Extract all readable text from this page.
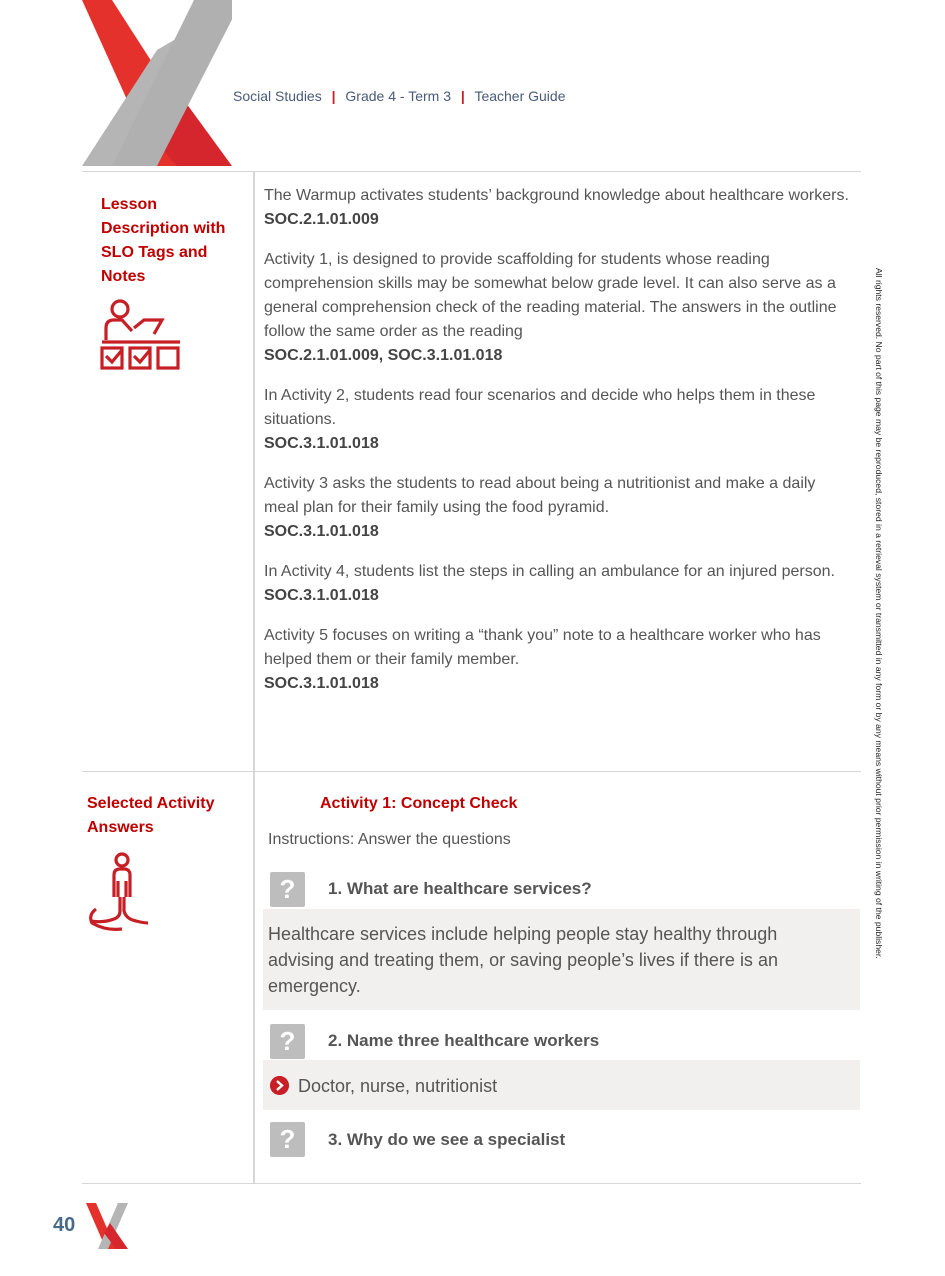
Social Studies | Grade 4 - Term 3 | Teacher Guide
Lesson
Description with
SLO Tags and
Notes
The Warmup activates students’ background knowledge about healthcare workers.
SOC.2.1.01.009
Activity 1, is designed to provide scaffolding for students whose reading comprehension skills may be somewhat below grade level. It can also serve as a general comprehension check of the reading material. The answers in the outline follow the same order as the reading
SOC.2.1.01.009, SOC.3.1.01.018
In Activity 2, students read four scenarios and decide who helps them in these situations.
SOC.3.1.01.018
Activity 3 asks the students to read about being a nutritionist and make a daily meal plan for their family using the food pyramid.
SOC.3.1.01.018
In Activity 4, students list the steps in calling an ambulance for an injured person.
SOC.3.1.01.018
Activity 5 focuses on writing a “thank you” note to a healthcare worker who has helped them or their family member.
SOC.3.1.01.018
Selected Activity
Answers
Activity 1: Concept Check
Instructions: Answer the questions
?	1. What are healthcare services?
Healthcare services include helping people stay healthy through advising and treating them, or saving people’s lives if there is an emergency.
?	2. Name three healthcare workers
Doctor, nurse, nutritionist
?	3. Why do we see a specialist
40
All rights reserved. No part of this page may be reproduced, stored in a retrieval system or transmitted in any form or by any means without prior permission in writing of the publisher.
